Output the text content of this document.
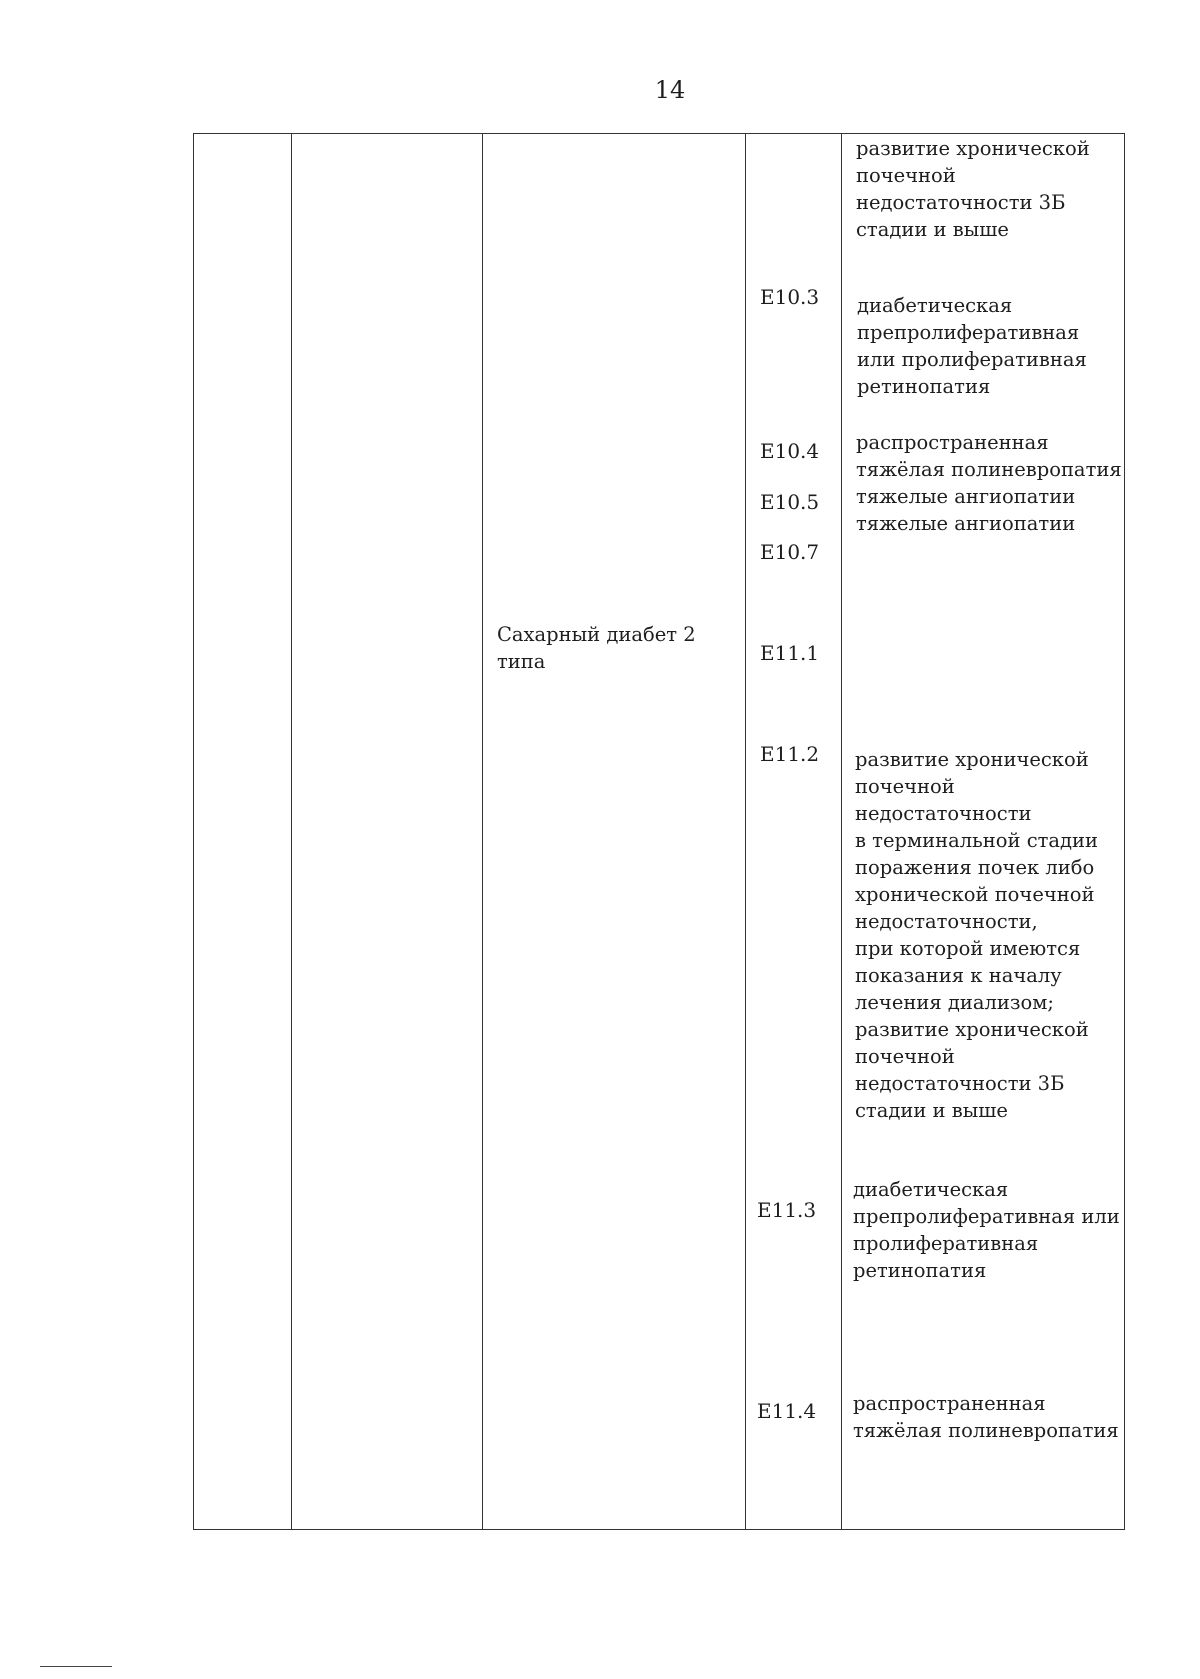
14
Сахарный диабет 2
типа
развитие хронической
почечной
недостаточности 3Б
стадии и выше
E10.3 диабетическая
препролиферативная
или пролиферативная
ретинопатия
E10.4 распространенная
тяжёлая полиневропатия
E10.5 тяжелые ангиопатии
E10.7
тяжелые ангиопатии
E11.1
E11.2 развитие хронической
почечной
недостаточности
в терминальной стадии
поражения почек либо
хронической почечной
недостаточности,
при которой имеются
показания к началу
лечения диализом;
развитие хронической
почечной
недостаточности 3Б
стадии и выше
E11.3
диабетическая
препролиферативная или
пролиферативная
ретинопатия
E11.4 распространенная
тяжёлая полиневропатия
